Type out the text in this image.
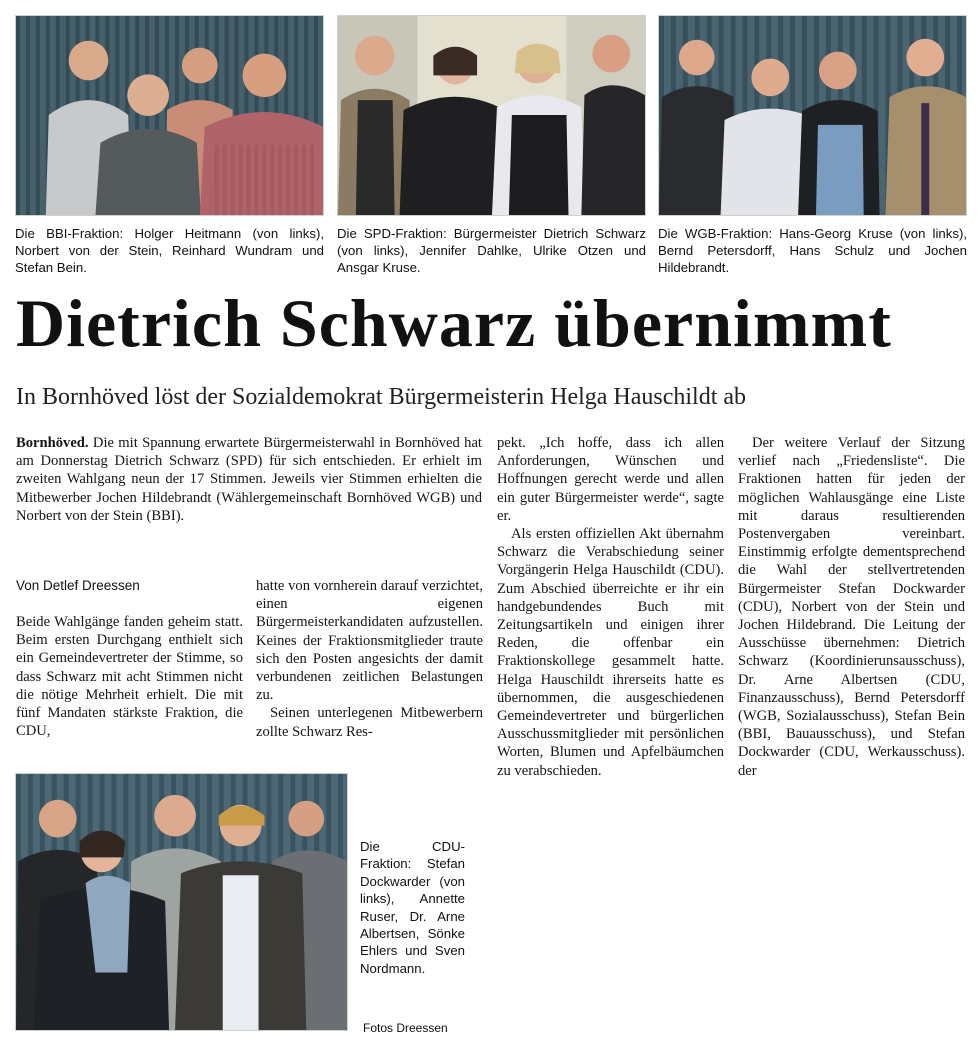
Die BBI-Fraktion: Holger Heitmann (von links), Norbert von der Stein, Reinhard Wundram und Stefan Bein.
Die SPD-Fraktion: Bürgermeister Dietrich Schwarz (von links), Jennifer Dahlke, Ulrike Otzen und Ansgar Kruse.
Die WGB-Fraktion: Hans-Georg Kruse (von links), Bernd Petersdorff, Hans Schulz und Jochen Hildebrandt.
Dietrich Schwarz übernimmt
In Bornhöved löst der Sozialdemokrat Bürgermeisterin Helga Hauschildt ab

Bornhöved. Die mit Spannung erwartete Bürgermeisterwahl in Bornhöved hat am Donnerstag Dietrich Schwarz (SPD) für sich entschieden. Er erhielt im zweiten Wahlgang neun der 17 Stimmen. Jeweils vier Stimmen erhielten die Mitbewerber Jochen Hildebrandt (Wählergemeinschaft Bornhöved WGB) und Norbert von der Stein (BBI).

Von Detlef Dreessen

Beide Wahlgänge fanden geheim statt. Beim ersten Durchgang enthielt sich ein Gemeindevertreter der Stimme, so dass Schwarz mit acht Stimmen nicht die nötige Mehrheit erhielt. Die mit fünf Mandaten stärkste Fraktion, die CDU,

hatte von vornherein darauf verzichtet, einen eigenen Bürgermeisterkandidaten aufzustellen. Keines der Fraktionsmitglieder traute sich den Posten angesichts der damit verbundenen zeitlichen Belastungen zu.

Seinen unterlegenen Mitbewerbern zollte Schwarz Res-

pekt. „Ich hoffe, dass ich allen Anforderungen, Wünschen und Hoffnungen gerecht werde und allen ein guter Bürgermeister werde“, sagte er.

Als ersten offiziellen Akt übernahm Schwarz die Verabschiedung seiner Vorgängerin Helga Hauschildt (CDU). Zum Abschied überreichte er ihr ein handgebundendes Buch mit Zeitungsartikeln und einigen ihrer Reden, die offenbar ein Fraktionskollege gesammelt hatte. Helga Hauschildt ihrerseits hatte es übernommen, die ausgeschiedenen Gemeindevertreter und bürgerlichen Ausschussmitglieder mit persönlichen Worten, Blumen und Apfelbäumchen zu verabschieden.

Der weitere Verlauf der Sitzung verlief nach „Friedensliste“. Die Fraktionen hatten für jeden der möglichen Wahlausgänge eine Liste mit daraus resultierenden Postenvergaben vereinbart. Einstimmig erfolgte dementsprechend die Wahl der stellvertretenden Bürgermeister Stefan Dockwarder (CDU), Norbert von der Stein und Jochen Hildebrand. Die Leitung der Ausschüsse übernehmen: Dietrich Schwarz (Koordinierunsausschuss), Dr. Arne Albertsen (CDU, Finanzausschuss), Bernd Petersdorff (WGB, Sozialausschuss), Stefan Bein (BBI, Bauausschuss), und Stefan Dockwarder (CDU, Werkausschuss). der

Die CDU-Fraktion: Stefan Dockwarder (von links), Annette Ruser, Dr. Arne Albertsen, Sönke Ehlers und Sven Nordmann.
Fotos Dreessen
